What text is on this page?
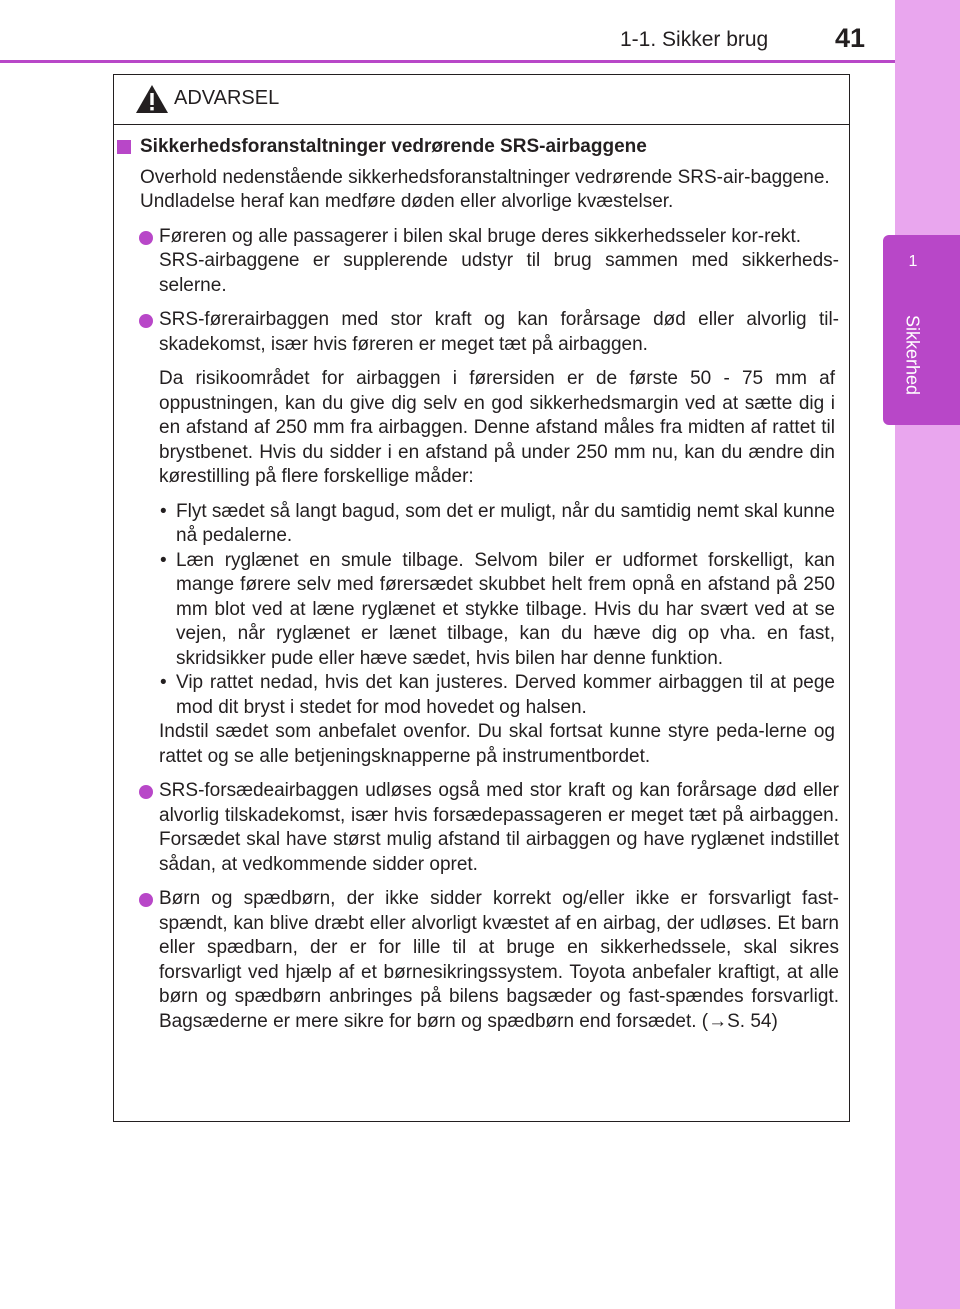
1-1. Sikker brug	41
1
Sikkerhed
ADVARSEL

Sikkerhedsforanstaltninger vedrørende SRS-airbaggene

Overhold nedenstående sikkerhedsforanstaltninger vedrørende SRS-air-baggene.

Undladelse heraf kan medføre døden eller alvorlige kvæstelser.

Føreren og alle passagerer i bilen skal bruge deres sikkerhedsseler kor-rekt.

SRS-airbaggene er supplerende udstyr til brug sammen med sikkerheds-selerne.

SRS-førerairbaggen med stor kraft og kan forårsage død eller alvorlig til-skadekomst, især hvis føreren er meget tæt på airbaggen.

Da risikoområdet for airbaggen i førersiden er de første 50 - 75 mm af oppustningen, kan du give dig selv en god sikkerhedsmargin ved at sætte dig i en afstand af 250 mm fra airbaggen. Denne afstand måles fra midten af rattet til brystbenet. Hvis du sidder i en afstand på under 250 mm nu, kan du ændre din kørestilling på flere forskellige måder:

• Flyt sædet så langt bagud, som det er muligt, når du samtidig nemt skal kunne nå pedalerne.

• Læn ryglænet en smule tilbage. Selvom biler er udformet forskelligt, kan mange førere selv med førersædet skubbet helt frem opnå en afstand på 250 mm blot ved at læne ryglænet et stykke tilbage. Hvis du har svært ved at se vejen, når ryglænet er lænet tilbage, kan du hæve dig op vha. en fast, skridsikker pude eller hæve sædet, hvis bilen har denne funktion.

• Vip rattet nedad, hvis det kan justeres. Derved kommer airbaggen til at pege mod dit bryst i stedet for mod hovedet og halsen.

Indstil sædet som anbefalet ovenfor. Du skal fortsat kunne styre peda-lerne og rattet og se alle betjeningsknapperne på instrumentbordet.

SRS-forsædeairbaggen udløses også med stor kraft og kan forårsage død eller alvorlig tilskadekomst, især hvis forsædepassageren er meget tæt på airbaggen. Forsædet skal have størst mulig afstand til airbaggen og have ryglænet indstillet sådan, at vedkommende sidder opret.

Børn og spædbørn, der ikke sidder korrekt og/eller ikke er forsvarligt fast-spændt, kan blive dræbt eller alvorligt kvæstet af en airbag, der udløses. Et barn eller spædbarn, der er for lille til at bruge en sikkerhedssele, skal sikres forsvarligt ved hjælp af et børnesikringssystem. Toyota anbefaler kraftigt, at alle børn og spædbørn anbringes på bilens bagsæder og fast-spændes forsvarligt. Bagsæderne er mere sikre for børn og spædbørn end forsædet. (→S. 54)
